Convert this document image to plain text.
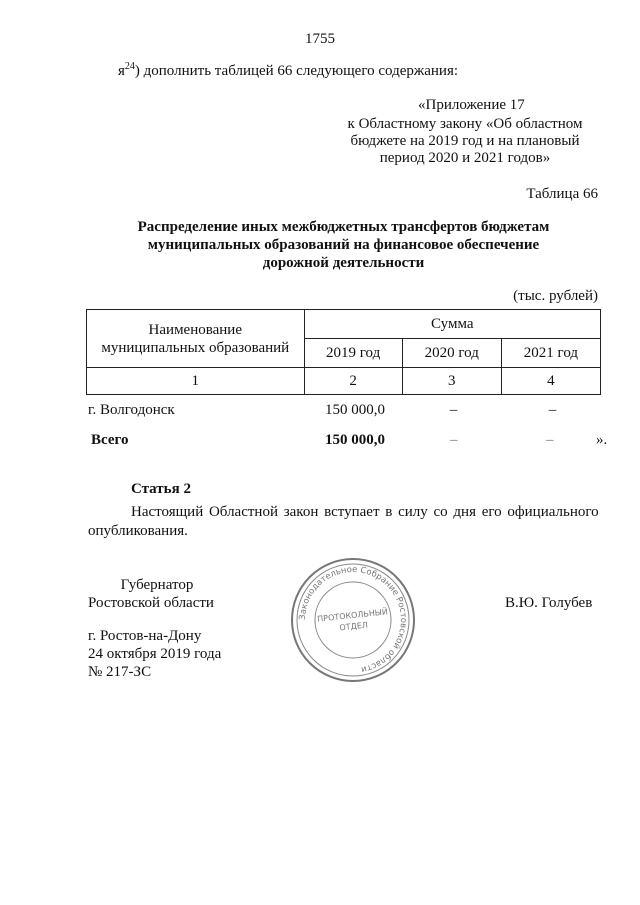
1755
$я^{24}$) дополнить таблицей 66 следующего содержания:
«Приложение 17
к Областному закону «Об областном
бюджете на 2019 год и на плановый
период 2020 и 2021 годов»
Таблица 66
Распределение иных межбюджетных трансфертов бюджетам
муниципальных образований на финансовое обеспечение
дорожной деятельности
(тыс. рублей)
Наименование
муниципальных образований	Сумма		
	2019 год	2020 год	2021 год
1	2	3	4
г. Волгодонск	150 000,0	–	–
Всего	150 000,0	–	–	».
Статья 2
Настоящий Областной закон вступает в силу со дня его официального
опубликования.
Губернатор
Ростовской области	В.Ю. Голубев
Законодательное Собрание Ростовской области
ПРОТОКОЛЬНЫЙ
ОТДЕЛ
г. Ростов-на-Дону
24 октября 2019 года
№ 217-ЗС
